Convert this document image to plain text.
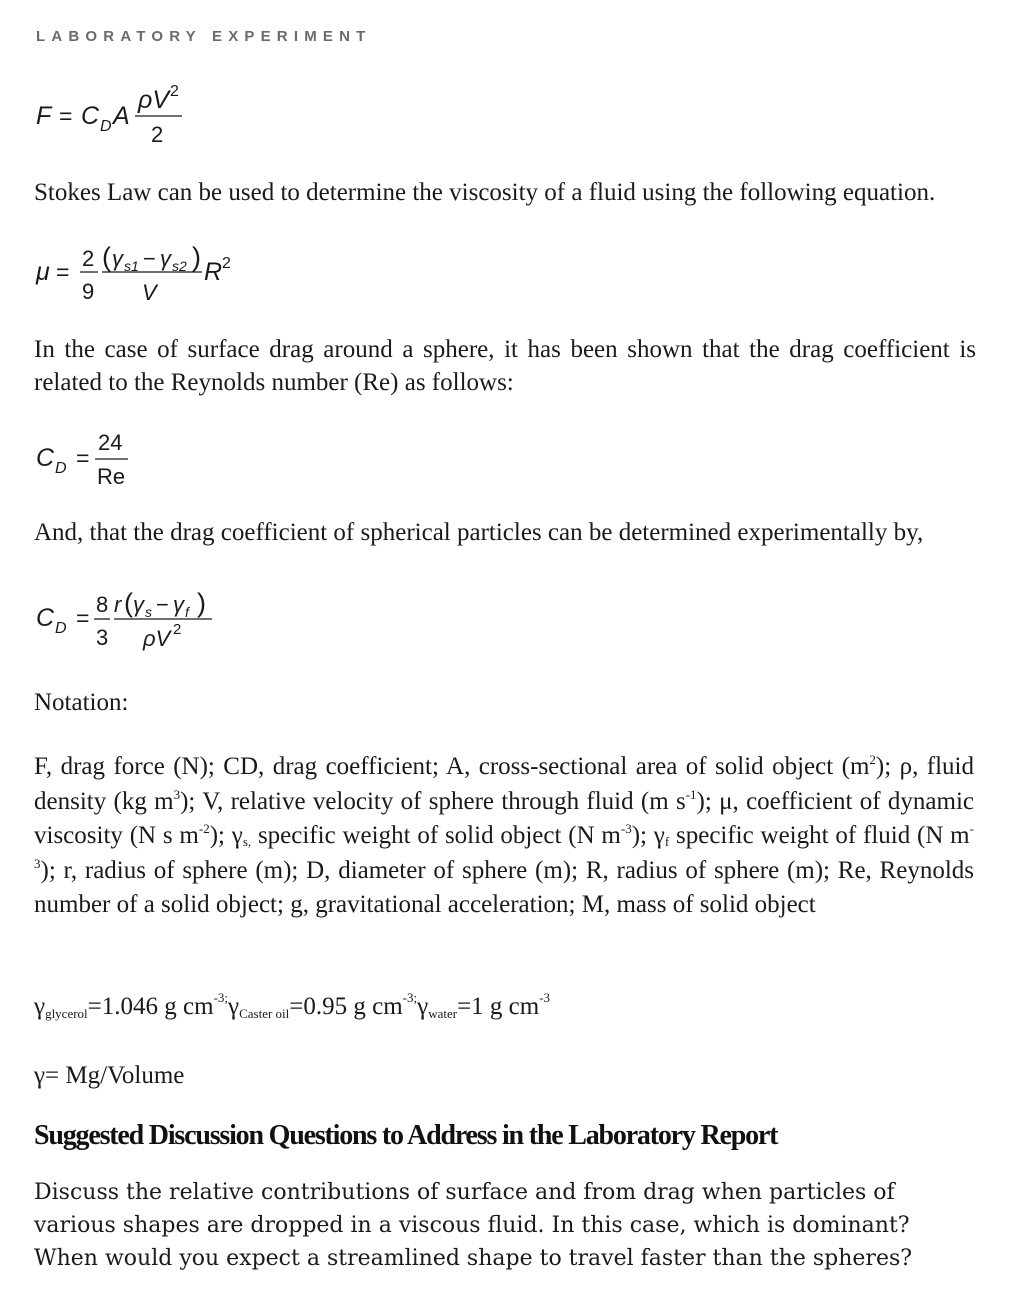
LABORATORY EXPERIMENT
F = C D A
ρV 2
2
Stokes Law can be used to determine the viscosity of a fluid using the following equation.
μ =
2
9
( γ s1 − γ s2 )
V
R 2
In the case of surface drag around a sphere, it has been shown that the drag coefficient is related to the Reynolds number (Re) as follows:
C D =
24
Re
And, that the drag coefficient of spherical particles can be determined experimentally by,
C D =
8
3
r ( γ s − γ f )
ρV 2
Notation:
F, drag force (N); CD, drag coefficient; A, cross-sectional area of solid object $(m^2)$; ρ, fluid density (kg $m^3$); V, relative velocity of sphere through fluid (m $s^{-1}$); μ, coefficient of dynamic viscosity (N s $m^{-2}$); $\gamma_{s,}$ specific weight of solid object (N $m^{-3}$); $\gamma_f$ specific weight of fluid (N $m^{-3}$); r, radius of sphere (m); D, diameter of sphere (m); R, radius of sphere (m); Re, Reynolds number of a solid object; g, gravitational acceleration; M, mass of solid object
$\gamma_{glycerol}=1.046$ g $cm^{-3;}\gamma_{Caster oil}=0.95$ g $cm^{-3;}\gamma_{water}=1$ g $cm^{-3}$
γ= Mg/Volume
Suggested Discussion Questions to Address in the Laboratory Report
Discuss the relative contributions of surface and from drag when particles of various shapes are dropped in a viscous fluid. In this case, which is dominant? When would you expect a streamlined shape to travel faster than the spheres?
